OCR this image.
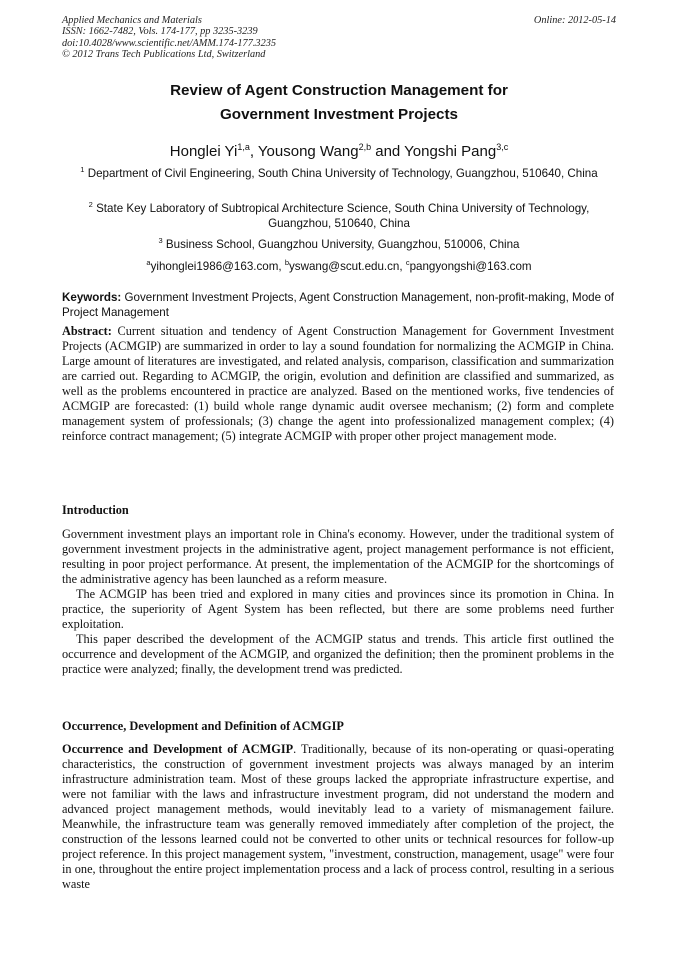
Applied Mechanics and Materials
ISSN: 1662-7482, Vols. 174-177, pp 3235-3239
doi:10.4028/www.scientific.net/AMM.174-177.3235
© 2012 Trans Tech Publications Ltd, Switzerland
Online: 2012-05-14
Review of Agent Construction Management for
Government Investment Projects
Honglei Yi$^{1,a}$, Yousong Wang$^{2,b}$ and Yongshi Pang$^{3,c}$
$^1$ Department of Civil Engineering, South China University of Technology, Guangzhou, 510640, China
$^2$ State Key Laboratory of Subtropical Architecture Science, South China University of Technology, Guangzhou, 510640, China
$^3$ Business School, Guangzhou University, Guangzhou, 510006, China
$^a$yihonglei1986@163.com, $^b$yswang@scut.edu.cn, $^c$pangyongshi@163.com
Keywords: Government Investment Projects, Agent Construction Management, non-profit-making, Mode of Project Management
Abstract: Current situation and tendency of Agent Construction Management for Government Investment Projects (ACMGIP) are summarized in order to lay a sound foundation for normalizing the ACMGIP in China. Large amount of literatures are investigated, and related analysis, comparison, classification and summarization are carried out. Regarding to ACMGIP, the origin, evolution and definition are classified and summarized, as well as the problems encountered in practice are analyzed. Based on the mentioned works, five tendencies of ACMGIP are forecasted: (1) build whole range dynamic audit oversee mechanism; (2) form and complete management system of professionals; (3) change the agent into professionalized management complex; (4) reinforce contract management; (5) integrate ACMGIP with proper other project management mode.
Introduction

Government investment plays an important role in China's economy. However, under the traditional system of government investment projects in the administrative agent, project management performance is not efficient, resulting in poor project performance. At present, the implementation of the ACMGIP for the shortcomings of the administrative agency has been launched as a reform measure.

The ACMGIP has been tried and explored in many cities and provinces since its promotion in China. In practice, the superiority of Agent System has been reflected, but there are some problems need further exploitation.

This paper described the development of the ACMGIP status and trends. This article first outlined the occurrence and development of the ACMGIP, and organized the definition; then the prominent problems in the practice were analyzed; finally, the development trend was predicted.

Occurrence, Development and Definition of ACMGIP

Occurrence and Development of ACMGIP. Traditionally, because of its non-operating or quasi-operating characteristics, the construction of government investment projects was always managed by an interim infrastructure administration team. Most of these groups lacked the appropriate infrastructure expertise, and were not familiar with the laws and infrastructure investment program, did not understand the modern and advanced project management methods, would inevitably lead to a variety of mismanagement failure. Meanwhile, the infrastructure team was generally removed immediately after completion of the project, the construction of the lessons learned could not be converted to other units or technical resources for follow-up project reference. In this project management system, "investment, construction, management, usage" were four in one, throughout the entire project implementation process and a lack of process control, resulting in a serious waste
